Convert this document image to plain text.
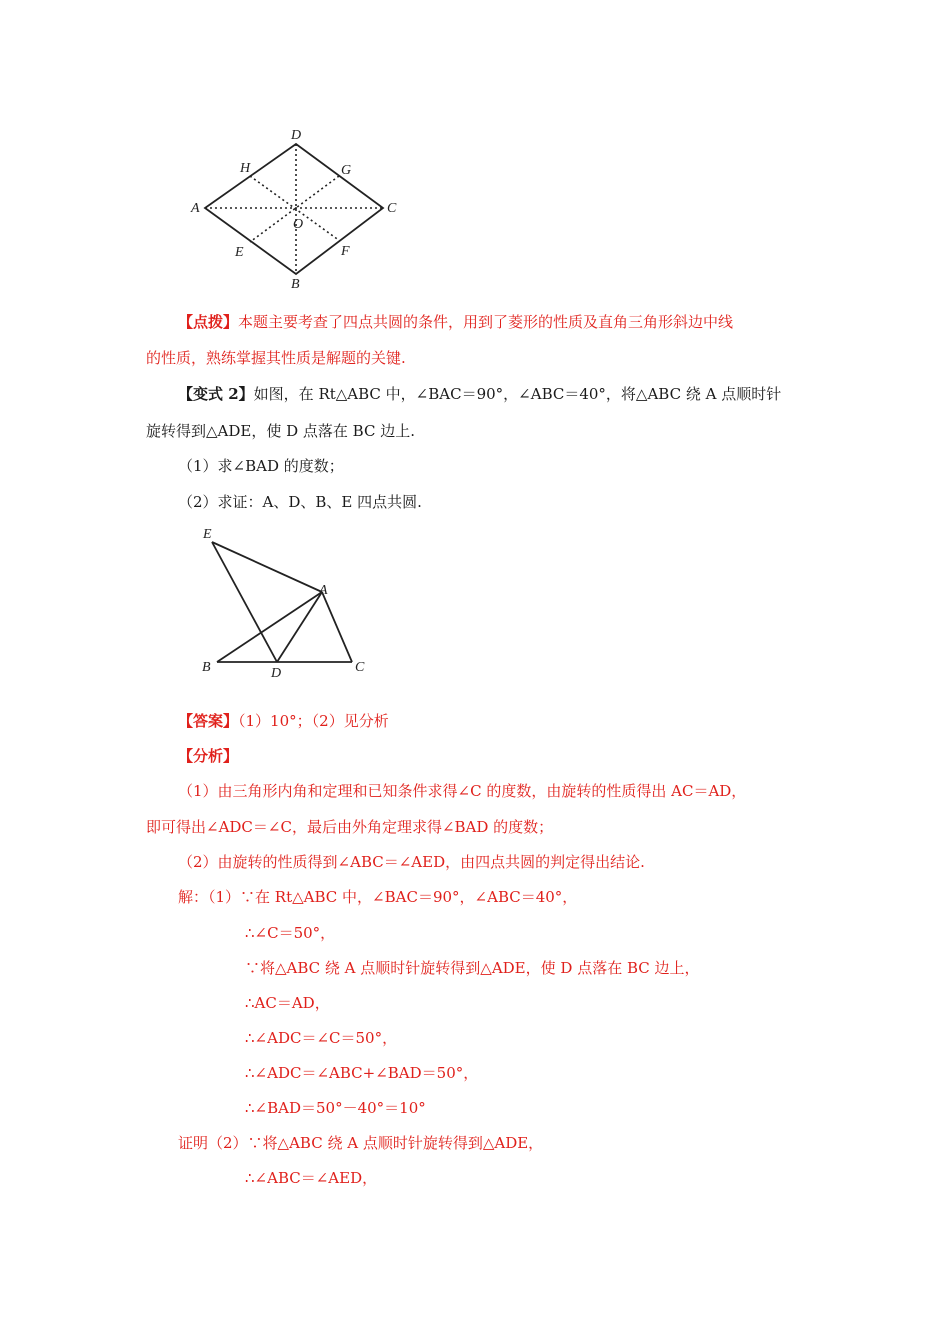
D
H	G
A	C
O
E	F
B
【点拨】本题主要考查了四点共圆的条件，用到了菱形的性质及直角三角形斜边中线
的性质，熟练掌握其性质是解题的关键.
【变式 2】如图，在 Rt△ABC 中，∠BAC＝90°，∠ABC＝40°，将△ABC 绕 A 点顺时针
旋转得到△ADE，使 D 点落在 BC 边上.
（1）求∠BAD 的度数；
（2）求证：A、D、B、E 四点共圆.
E
A
B	D	C
【答案】（1）10°；（2）见分析
【分析】
（1）由三角形内角和定理和已知条件求得∠C 的度数，由旋转的性质得出 AC＝AD，
即可得出∠ADC＝∠C，最后由外角定理求得∠BAD 的度数；
（2）由旋转的性质得到∠ABC＝∠AED，由四点共圆的判定得出结论.
解：（1）∵在 Rt△ABC 中，∠BAC＝90°，∠ABC＝40°，
∴∠C＝50°，
∵将△ABC 绕 A 点顺时针旋转得到△ADE，使 D 点落在 BC 边上，
∴AC＝AD，
∴∠ADC＝∠C＝50°，
∴∠ADC＝∠ABC+∠BAD＝50°，
∴∠BAD＝50°－40°＝10°
证明（2）∵将△ABC 绕 A 点顺时针旋转得到△ADE，
∴∠ABC＝∠AED，
